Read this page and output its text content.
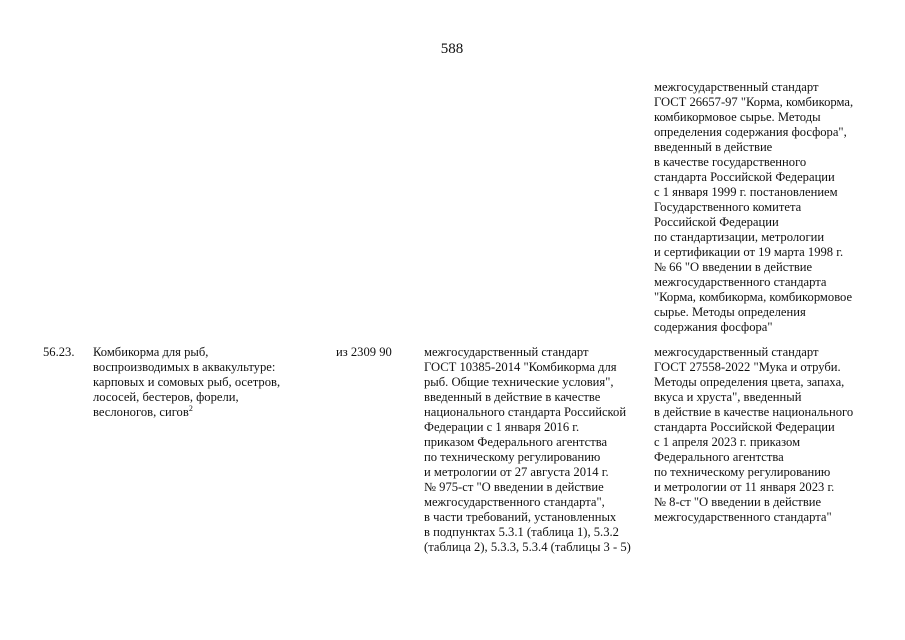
588
межгосударственный стандарт
ГОСТ 26657-97 "Корма, комбикорма,
комбикормовое сырье. Методы
определения содержания фосфора",
введенный в действие
в качестве государственного
стандарта Российской Федерации
с 1 января 1999 г. постановлением
Государственного комитета
Российской Федерации
по стандартизации, метрологии
и сертификации от 19 марта 1998 г.
№ 66 "О введении в действие
межгосударственного стандарта
"Корма, комбикорма, комбикормовое
сырье. Методы определения
содержания фосфора"
56.23. Комбикорма для рыб,
воспроизводимых в аквакультуре:
карповых и сомовых рыб, осетров,
лососей, бестеров, форели,
веслоногов, сигов$^2$
из 2309 90	межгосударственный стандарт
ГОСТ 10385-2014 "Комбикорма для
рыб. Общие технические условия",
введенный в действие в качестве
национального стандарта Российской
Федерации с 1 января 2016 г.
приказом Федерального агентства
по техническому регулированию
и метрологии от 27 августа 2014 г.
№ 975-ст "О введении в действие
межгосударственного стандарта",
в части требований, установленных
в подпунктах 5.3.1 (таблица 1), 5.3.2
(таблица 2), 5.3.3, 5.3.4 (таблицы 3 - 5)
межгосударственный стандарт
ГОСТ 27558-2022 "Мука и отруби.
Методы определения цвета, запаха,
вкуса и хруста", введенный
в действие в качестве национального
стандарта Российской Федерации
с 1 апреля 2023 г. приказом
Федерального агентства
по техническому регулированию
и метрологии от 11 января 2023 г.
№ 8-ст "О введении в действие
межгосударственного стандарта"
